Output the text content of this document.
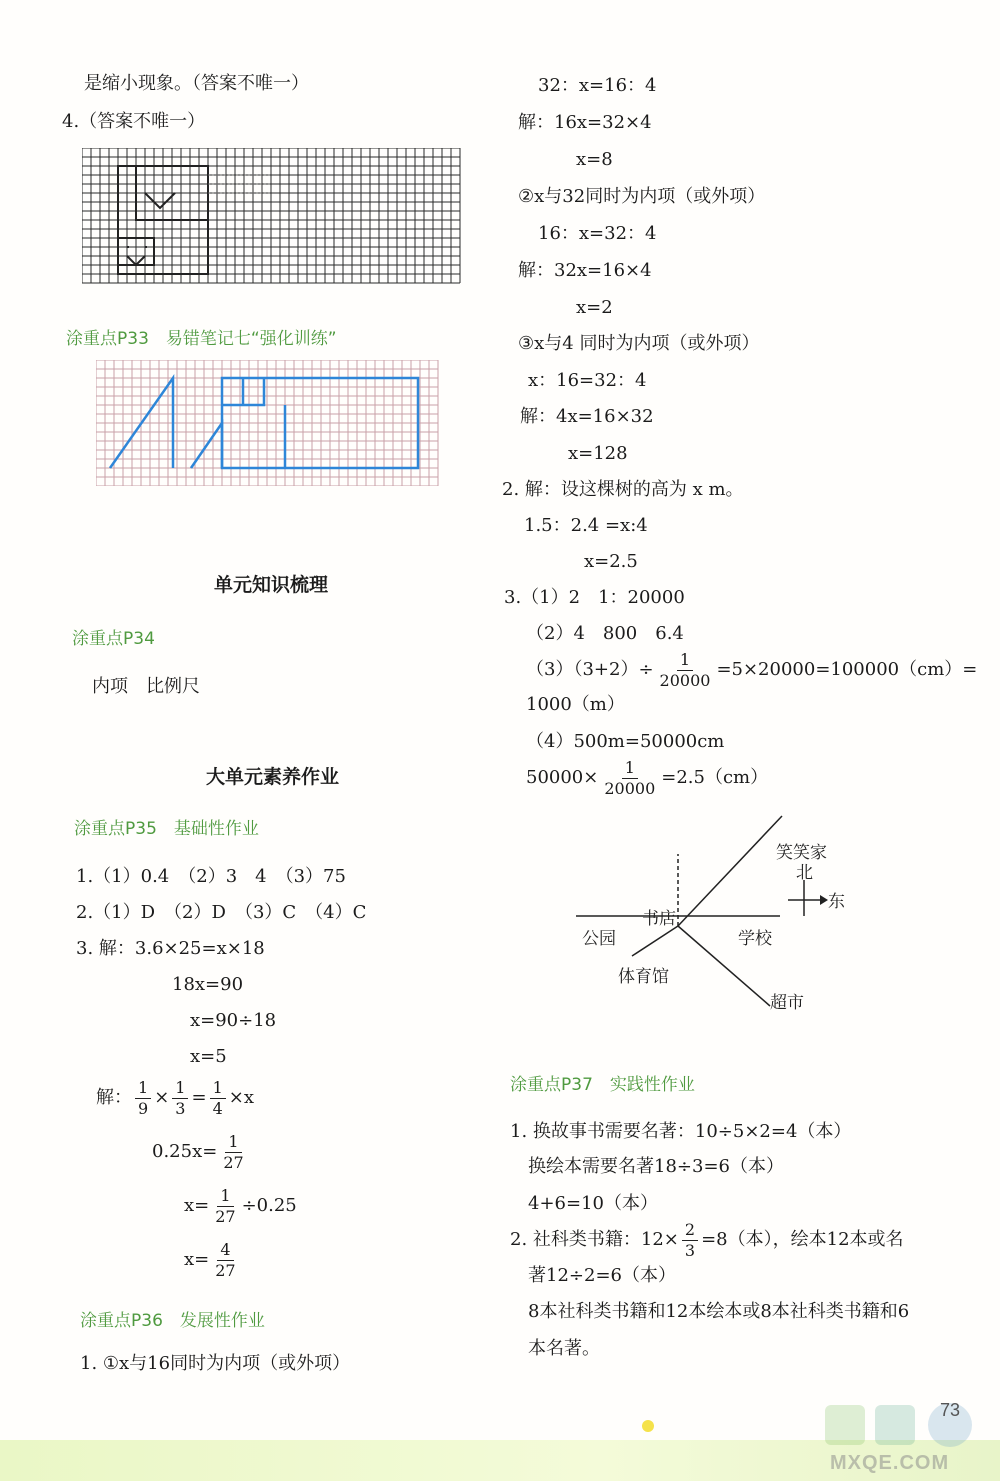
是缩小现象。（答案不唯一）
4.（答案不唯一）
涂重点P33　易错笔记七“强化训练”
单元知识梳理
涂重点P34
内项　比例尺
大单元素养作业
涂重点P35　基础性作业
1.（1）0.4　（2）3　4　（3）75
2.（1）D　（2）D　（3）C　（4）C
3. 解：3.6×25=x×18
18x=90
x=90÷18
x=5
解： $\frac{1}{9} \times \frac{1}{3} = \frac{1}{4} \times x$
$0.25x= \frac{1}{27}$
$x= \frac{1}{27} \div 0.25$
$x= \frac{4}{27}$
涂重点P36　发展性作业
1. ①x与16同时为内项（或外项）
32：x=16：4
解：16x=32×4
x=8
②x与32同时为内项（或外项）
16：x=32：4
解：32x=16×4
x=2
③x与4 同时为内项（或外项）
x：16=32：4
解：4x=16×32
x=128
2. 解：设这棵树的高为 x m。
1.5：2.4 =x:4
x=2.5
3.（1）2　1：20000
（2）4　800　6.4
$(3)(3+2)\div \frac{1}{20000} =5\times 20000=100000(cm)=$
1000（m）
（4）500m=50000cm
$50000\times \frac{1}{20000} =2.5(cm)$
笑笑家
北
东
书店
公园	学校
体育馆
超市
涂重点P37　实践性作业
1. 换故事书需要名著：10÷5×2=4（本）
换绘本需要名著18÷3=6（本）
4+6=10（本）
2. 社科类书籍：$12\times \frac{2}{3} =8$（本），绘本12本或名
著12÷2=6（本）
8本社科类书籍和12本绘本或8本社科类书籍和6
本名著。
73
MXQE.COM
